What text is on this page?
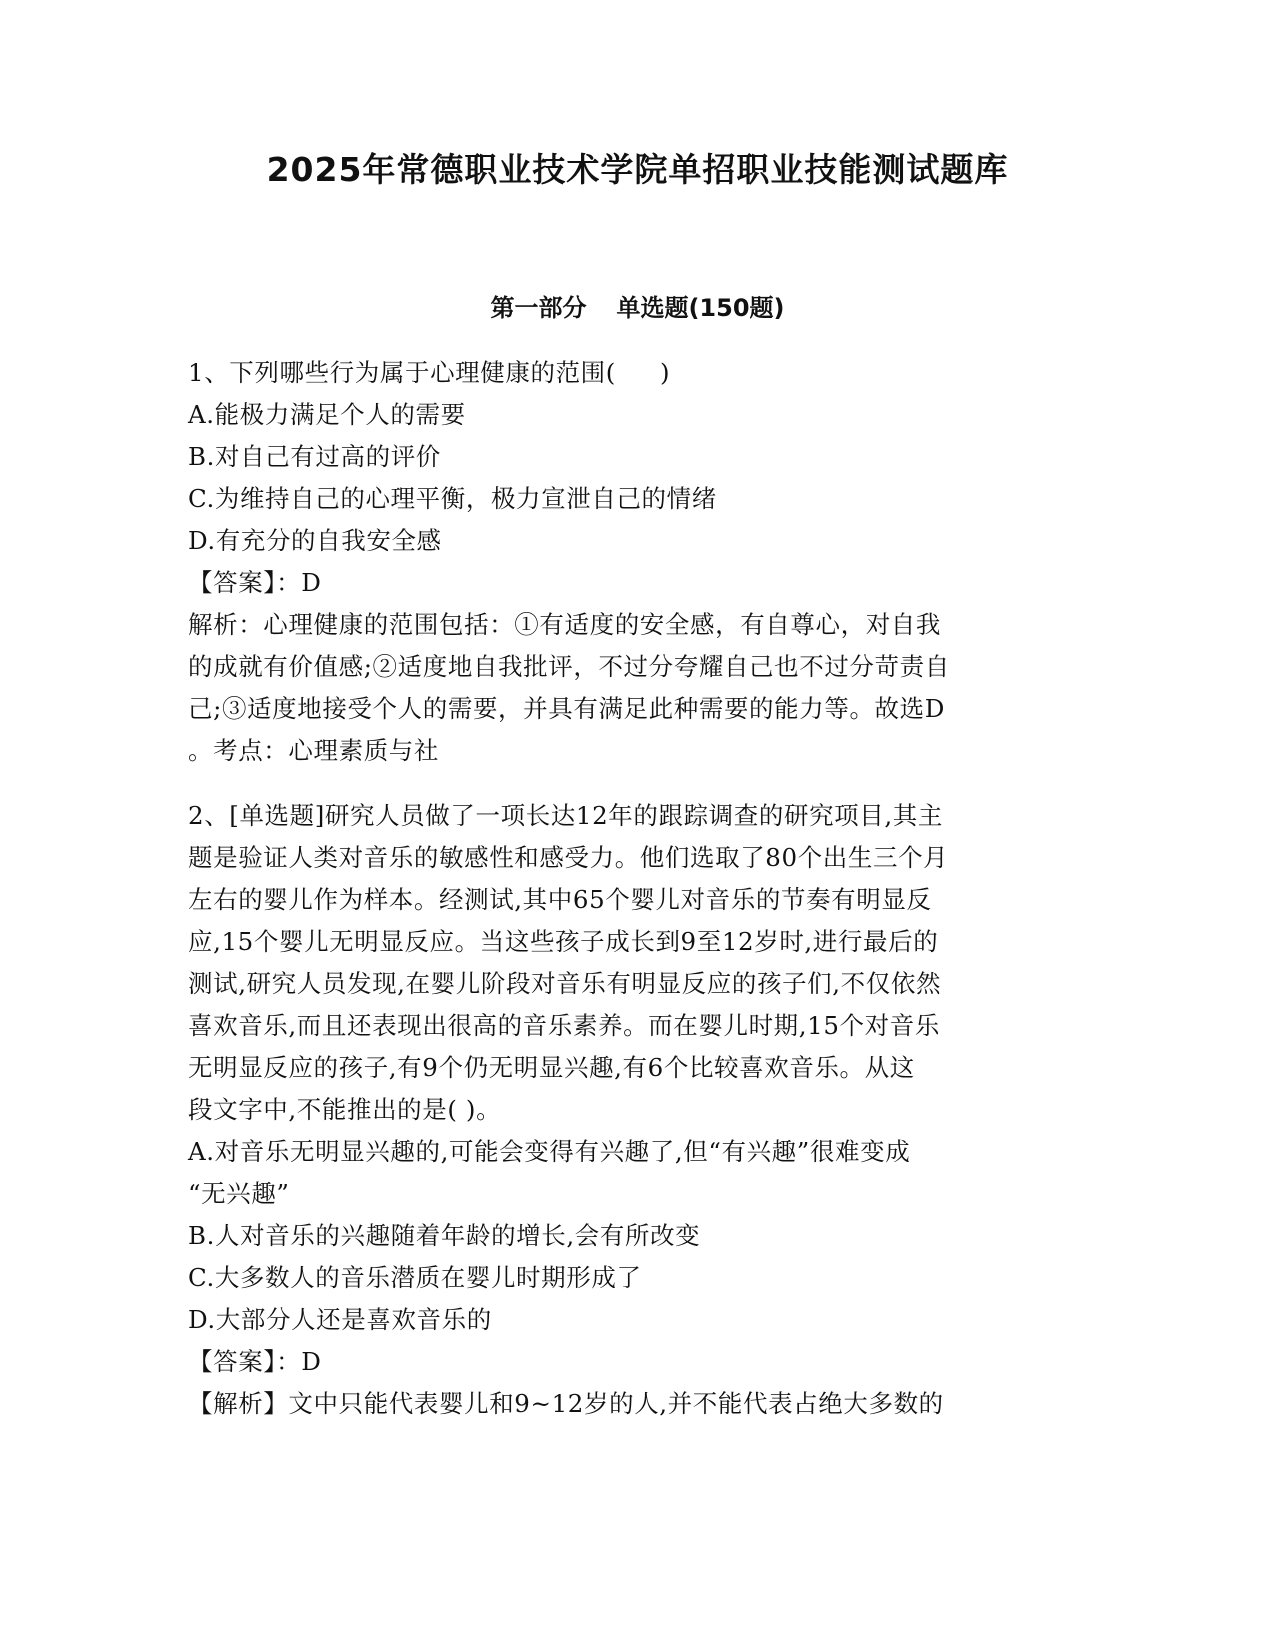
2025年常德职业技术学院单招职业技能测试题库
第一部分 单选题(150题)
1、下列哪些行为属于心理健康的范围( )
A.能极力满足个人的需要
B.对自己有过高的评价
C.为维持自己的心理平衡，极力宣泄自己的情绪
D.有充分的自我安全感
【答案】：D
解析：心理健康的范围包括：①有适度的安全感，有自尊心，对自我
的成就有价值感;②适度地自我批评，不过分夸耀自己也不过分苛责自
己;③适度地接受个人的需要，并具有满足此种需要的能力等。故选D
。考点：心理素质与社
2、[单选题]研究人员做了一项长达12年的跟踪调查的研究项目,其主
题是验证人类对音乐的敏感性和感受力。他们选取了80个出生三个月
左右的婴儿作为样本。经测试,其中65个婴儿对音乐的节奏有明显反
应,15个婴儿无明显反应。当这些孩子成长到9至12岁时,进行最后的
测试,研究人员发现,在婴儿阶段对音乐有明显反应的孩子们,不仅依然
喜欢音乐,而且还表现出很高的音乐素养。而在婴儿时期,15个对音乐
无明显反应的孩子,有9个仍无明显兴趣,有6个比较喜欢音乐。从这
段文字中,不能推出的是( )。
A.对音乐无明显兴趣的,可能会变得有兴趣了,但“有兴趣”很难变成
“无兴趣”
B.人对音乐的兴趣随着年龄的增长,会有所改变
C.大多数人的音乐潜质在婴儿时期形成了
D.大部分人还是喜欢音乐的
【答案】：D
【解析】文中只能代表婴儿和9~12岁的人,并不能代表占绝大多数的
